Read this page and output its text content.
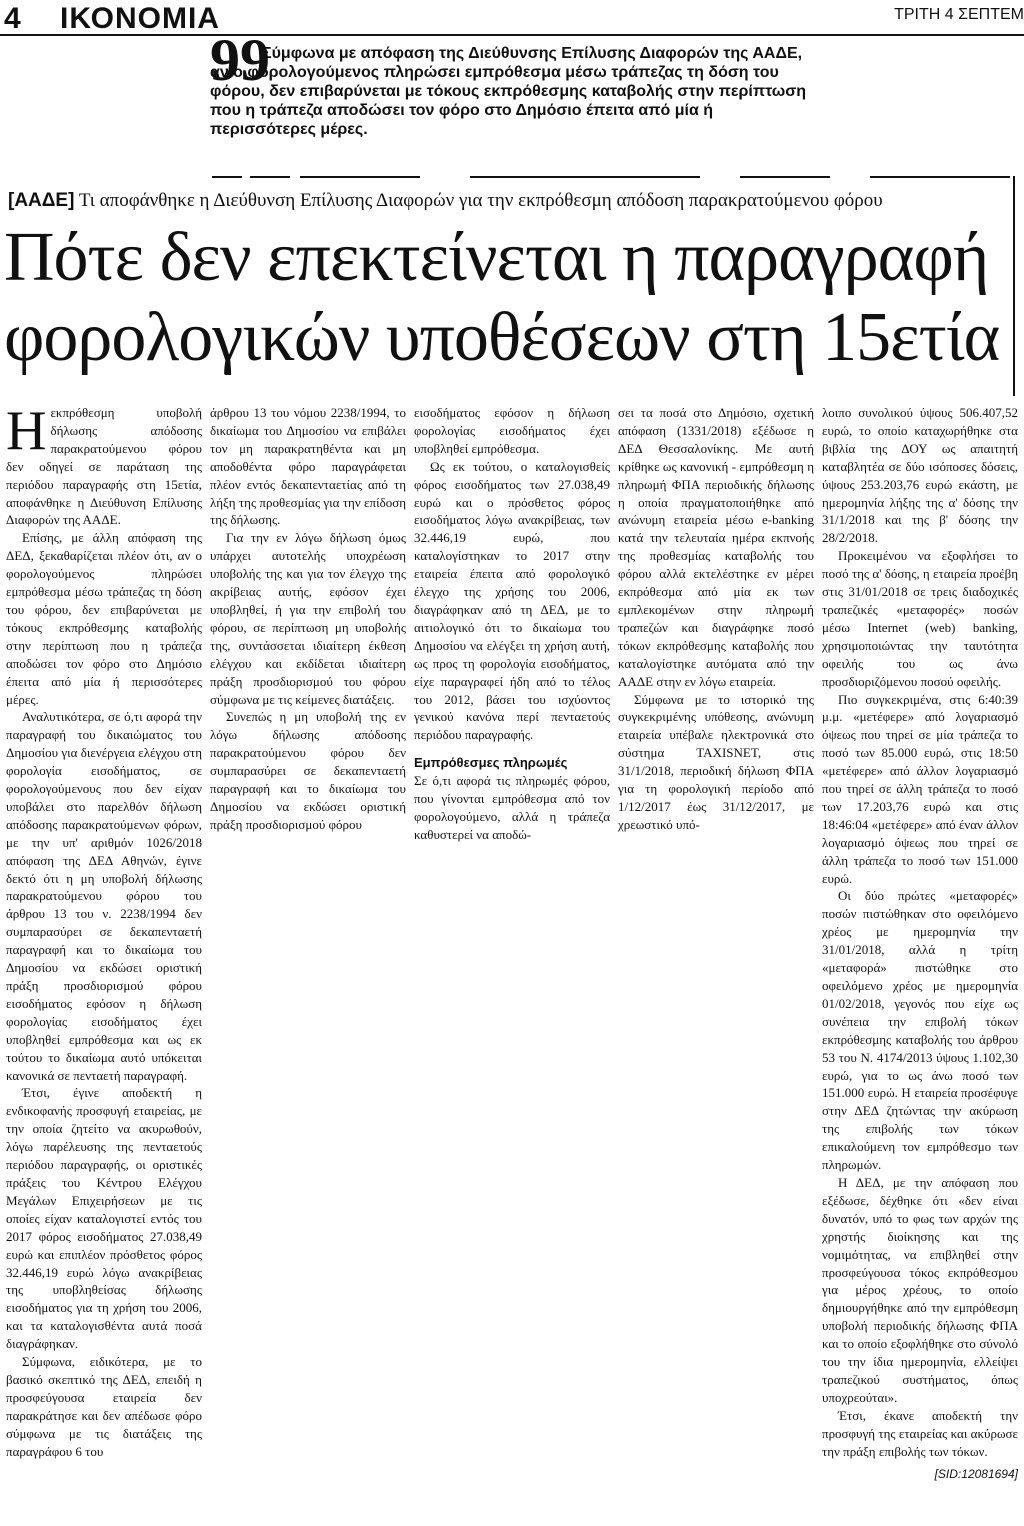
4 ΙΚΟΝΟΜΙΑ	ΤΡΙΤΗ 4 ΣΕΠΤΕΜ
99
Σύμφωνα με απόφαση της Διεύθυνσης Επίλυσης Διαφορών της ΑΑΔΕ, αν ο φορολογούμενος πληρώσει εμπρόθεσμα μέσω τράπεζας τη δόση του φόρου, δεν επιβαρύνεται με τόκους εκπρόθεσμης καταβολής στην περίπτωση που η τράπεζα αποδώσει τον φόρο στο Δημόσιο έπειτα από μία ή περισσότερες μέρες.
[ΑΑΔΕ] Τι αποφάνθηκε η Διεύθυνση Επίλυσης Διαφορών για την εκπρόθεσμη απόδοση παρακρατούμενου φόρου
Πότε δεν επεκτείνεται η παραγραφή
φορολογικών υποθέσεων στη 15ετία

Ηεκπρόθεσμη υποβολή δήλωσης απόδοσης παρακρατούμενου φόρου δεν οδηγεί σε παράταση της περιόδου παραγραφής στη 15ετία, αποφάνθηκε η Διεύθυνση Επίλυσης Διαφορών της ΑΑΔΕ.

Επίσης, με άλλη απόφαση της ΔΕΔ, ξεκαθαρίζεται πλέον ότι, αν ο φορολογούμενος πληρώσει εμπρόθεσμα μέσω τράπεζας τη δόση του φόρου, δεν επιβαρύνεται με τόκους εκπρόθεσμης καταβολής στην περίπτωση που η τράπεζα αποδώσει τον φόρο στο Δημόσιο έπειτα από μία ή περισσότερες μέρες.

Αναλυτικότερα, σε ό,τι αφορά την παραγραφή του δικαιώματος του Δημοσίου για διενέργεια ελέγχου στη φορολογία εισοδήματος, σε φορολογούμενους που δεν είχαν υποβάλει στο παρελθόν δήλωση απόδοσης παρακρατούμενων φόρων, με την υπ' αριθμόν 1026/2018 απόφαση της ΔΕΔ Αθηνών, έγινε δεκτό ότι η μη υποβολή δήλωσης παρακρατούμενου φόρου του άρθρου 13 του ν. 2238/1994 δεν συμπαρασύρει σε δεκαπενταετή παραγραφή και το δικαίωμα του Δημοσίου να εκδώσει οριστική πράξη προσδιορισμού φόρου εισοδήματος εφόσον η δήλωση φορολογίας εισοδήματος έχει υποβληθεί εμπρόθεσμα και ως εκ τούτου το δικαίωμα αυτό υπόκειται κανονικά σε πενταετή παραγραφή.

Έτσι, έγινε αποδεκτή η ενδικοφανής προσφυγή εταιρείας, με την οποία ζητείτο να ακυρωθούν, λόγω παρέλευσης της πενταετούς περιόδου παραγραφής, οι οριστικές πράξεις του Κέντρου Ελέγχου Μεγάλων Επιχειρήσεων με τις οποίες είχαν καταλογιστεί εντός του 2017 φόρος εισοδήματος 27.038,49 ευρώ και επιπλέον πρόσθετος φόρος 32.446,19 ευρώ λόγω ανακρίβειας της υποβληθείσας δήλωσης εισοδήματος για τη χρήση του 2006, και τα καταλογισθέντα αυτά ποσά διαγράφηκαν.

Σύμφωνα, ειδικότερα, με το βασικό σκεπτικό της ΔΕΔ, επειδή η προσφεύγουσα εταιρεία δεν παρακράτησε και δεν απέδωσε φόρο σύμφωνα με τις διατάξεις της παραγράφου 6 του

άρθρου 13 του νόμου 2238/1994, το δικαίωμα του Δημοσίου να επιβάλει τον μη παρακρατηθέντα και μη αποδοθέντα φόρο παραγράφεται πλέον εντός δεκαπενταετίας από τη λήξη της προθεσμίας για την επίδοση της δήλωσης.

Για την εν λόγω δήλωση όμως υπάρχει αυτοτελής υποχρέωση υποβολής της και για τον έλεγχο της ακρίβειας αυτής, εφόσον έχει υποβληθεί, ή για την επιβολή του φόρου, σε περίπτωση μη υποβολής της, συντάσσεται ιδιαίτερη έκθεση ελέγχου και εκδίδεται ιδιαίτερη πράξη προσδιορισμού του φόρου σύμφωνα με τις κείμενες διατάξεις.

Συνεπώς η μη υποβολή της εν λόγω δήλωσης απόδοσης παρακρατούμενου φόρου δεν συμπαρασύρει σε δεκαπενταετή παραγραφή και το δικαίωμα του Δημοσίου να εκδώσει οριστική πράξη προσδιορισμού φόρου

εισοδήματος εφόσον η δήλωση φορολογίας εισοδήματος έχει υποβληθεί εμπρόθεσμα.

Ως εκ τούτου, ο καταλογισθείς φόρος εισοδήματος των 27.038,49 ευρώ και ο πρόσθετος φόρος εισοδήματος λόγω ανακρίβειας, των 32.446,19 ευρώ, που καταλογίστηκαν το 2017 στην εταιρεία έπειτα από φορολογικό έλεγχο της χρήσης του 2006, διαγράφηκαν από τη ΔΕΔ, με το αιτιολογικό ότι το δικαίωμα του Δημοσίου να ελέγξει τη χρήση αυτή, ως προς τη φορολογία εισοδήματος, είχε παραγραφεί ήδη από το τέλος του 2012, βάσει του ισχύοντος γενικού κανόνα περί πενταετούς περιόδου παραγραφής.

Εμπρόθεσμες πληρωμές

Σε ό,τι αφορά τις πληρωμές φόρου, που γίνονται εμπρόθεσμα από τον φορολογούμενο, αλλά η τράπεζα καθυστερεί να αποδώ-

σει τα ποσά στο Δημόσιο, σχετική απόφαση (1331/2018) εξέδωσε η ΔΕΔ Θεσσαλονίκης. Με αυτή κρίθηκε ως κανονική - εμπρόθεσμη η πληρωμή ΦΠΑ περιοδικής δήλωσης η οποία πραγματοποιήθηκε από ανώνυμη εταιρεία μέσω e-banking κατά την τελευταία ημέρα εκπνοής της προθεσμίας καταβολής του φόρου αλλά εκτελέστηκε εν μέρει εκπρόθεσμα από μία εκ των εμπλεκομένων στην πληρωμή τραπεζών και διαγράφηκε ποσό τόκων εκπρόθεσμης καταβολής που καταλογίστηκε αυτόματα από την ΑΑΔΕ στην εν λόγω εταιρεία.

Σύμφωνα με το ιστορικό της συγκεκριμένης υπόθεσης, ανώνυμη εταιρεία υπέβαλε ηλεκτρονικά στο σύστημα TAXISNET, στις 31/1/2018, περιοδική δήλωση ΦΠΑ για τη φορολογική περίοδο από 1/12/2017 έως 31/12/2017, με χρεωστικό υπό-

λοιπο συνολικού ύψους 506.407,52 ευρώ, το οποίο καταχωρήθηκε στα βιβλία της ΔΟΥ ως απαιτητή καταβλητέα σε δύο ισόποσες δόσεις, ύψους 253.203,76 ευρώ εκάστη, με ημερομηνία λήξης της α' δόσης την 31/1/2018 και της β' δόσης την 28/2/2018.

Προκειμένου να εξοφλήσει το ποσό της α' δόσης, η εταιρεία προέβη στις 31/01/2018 σε τρεις διαδοχικές τραπεζικές «μεταφορές» ποσών μέσω Internet (web) banking, χρησιμοποιώντας την ταυτότητα οφειλής του ως άνω προσδιοριζόμενου ποσού οφειλής.

Πιο συγκεκριμένα, στις 6:40:39 μ.μ. «μετέφερε» από λογαριασμό όψεως που τηρεί σε μία τράπεζα το ποσό των 85.000 ευρώ, στις 18:50 «μετέφερε» από άλλον λογαριασμό που τηρεί σε άλλη τράπεζα το ποσό των 17.203,76 ευρώ και στις 18:46:04 «μετέφερε» από έναν άλλον λογαριασμό όψεως που τηρεί σε άλλη τράπεζα το ποσό των 151.000 ευρώ.

Οι δύο πρώτες «μεταφορές» ποσών πιστώθηκαν στο οφειλόμενο χρέος με ημερομηνία την 31/01/2018, αλλά η τρίτη «μεταφορά» πιστώθηκε στο οφειλόμενο χρέος με ημερομηνία 01/02/2018, γεγονός που είχε ως συνέπεια την επιβολή τόκων εκπρόθεσμης καταβολής του άρθρου 53 του Ν. 4174/2013 ύψους 1.102,30 ευρώ, για το ως άνω ποσό των 151.000 ευρώ. Η εταιρεία προσέφυγε στην ΔΕΔ ζητώντας την ακύρωση της επιβολής των τόκων επικαλούμενη τον εμπρόθεσμο των πληρωμών.

Η ΔΕΔ, με την απόφαση που εξέδωσε, δέχθηκε ότι «δεν είναι δυνατόν, υπό το φως των αρχών της χρηστής διοίκησης και της νομιμότητας, να επιβληθεί στην προσφεύγουσα τόκος εκπρόθεσμου για μέρος χρέους, το οποίο δημιουργήθηκε από την εμπρόθεσμη υποβολή περιοδικής δήλωσης ΦΠΑ και το οποίο εξοφλήθηκε στο σύνολό του την ίδια ημερομηνία, ελλείψει τραπεζικού συστήματος, όπως υποχρεούται».

Έτσι, έκανε αποδεκτή την προσφυγή της εταιρείας και ακύρωσε την πράξη επιβολής των τόκων.

[SID:12081694]
